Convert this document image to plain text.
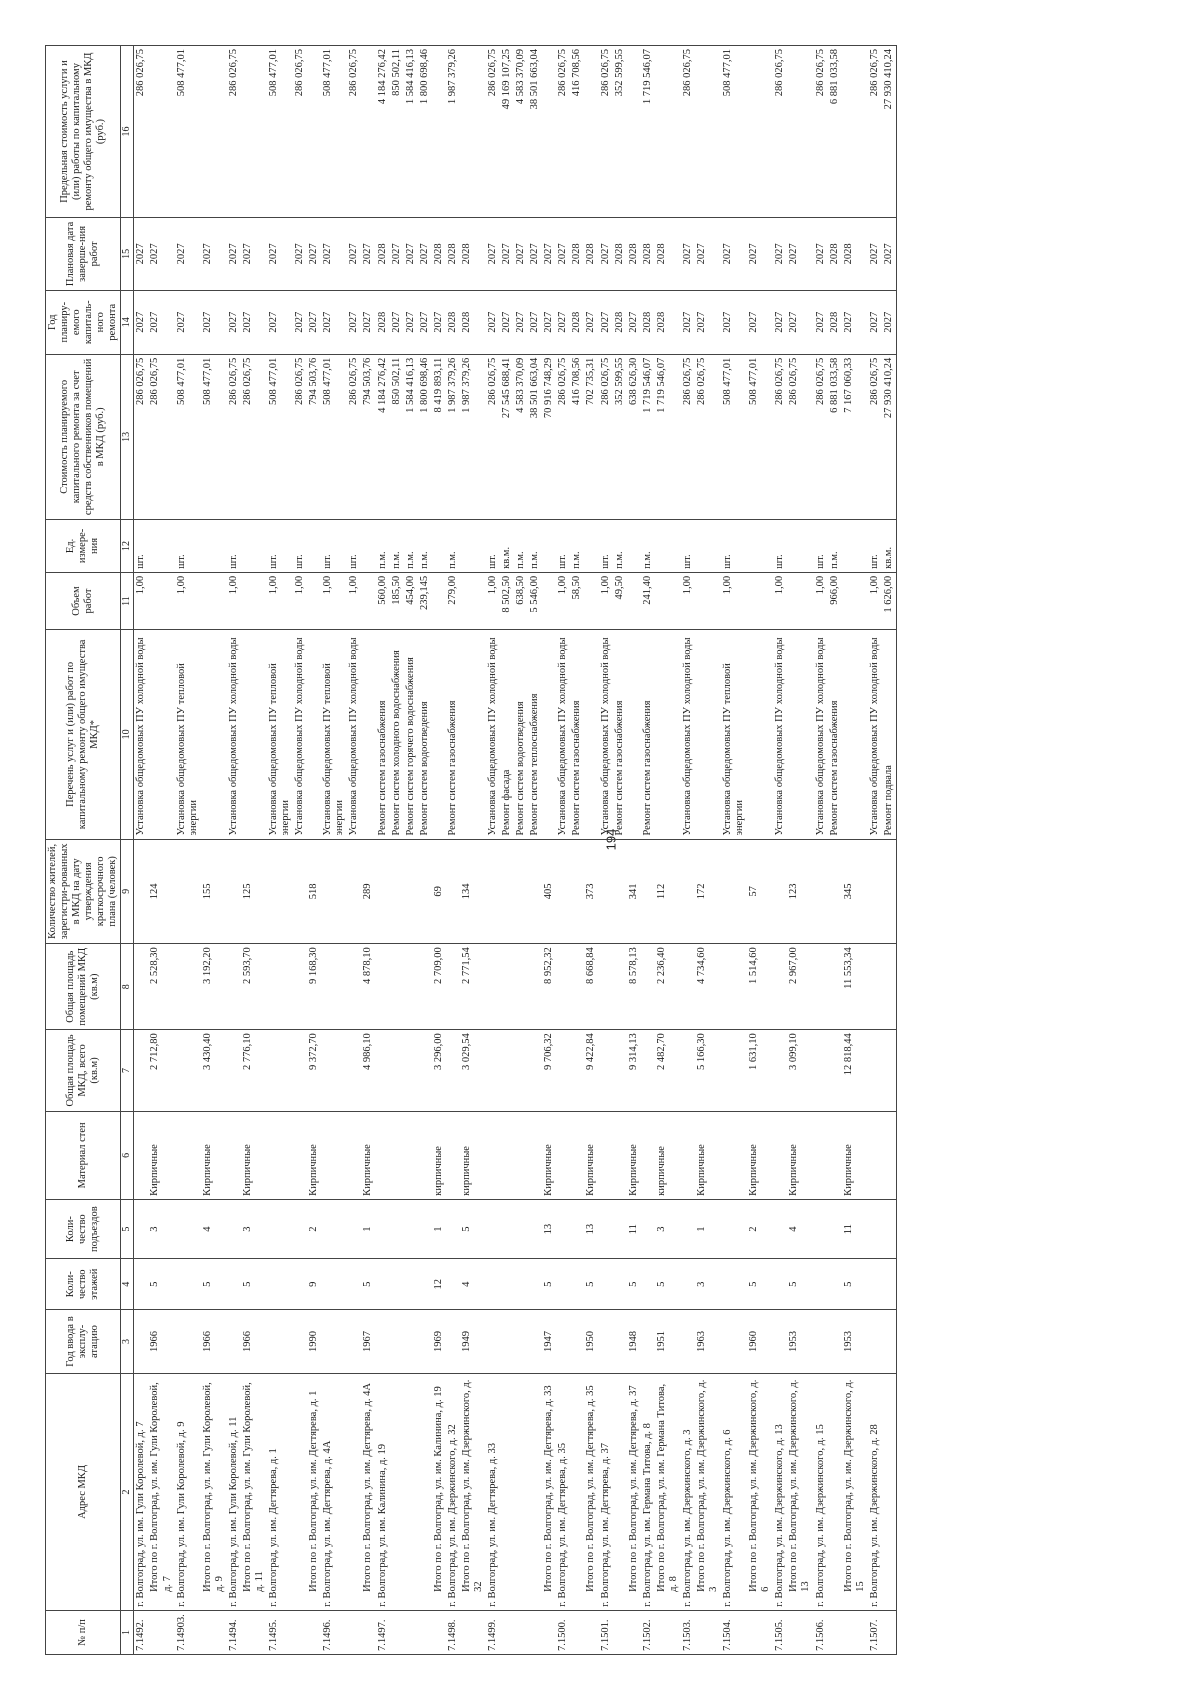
194
№ п/п	Адрес МКД	Год ввода в эксплу-атацию	Коли-чество этажей	Коли-чество подъездов	Материал стен	Общая площадь МКД, всего (кв.м)	Общая площадь помещений МКД (кв.м)	Количество жителей, зарегистри-рованных в МКД на дату утверждения краткосрочного плана (человек)	Перечень услуг и (или) работ по капитальному ремонту общего имущества МКД*	Объем работ	Ед. измере-ния	Стоимость планируемого капитального ремонта за счет средств собственников помещений в МКД (руб.)	Год планиру-емого капиталь-ного ремонта	Плановая дата заверше-ния работ	Предельная стоимость услуги и (или) работы по капитальному ремонту общего имущества в МКД (руб.)
1	2	3	4	5	6	7	8	9	10	11	12	13	14	15	16
7.1492.	г. Волгоград, ул. им. Гули Королевой, д. 7								Установка общедомовых ПУ холодной воды	1,00	шт.	286 026,75	2027	2027	286 026,75
	Итого по г. Волгоград, ул. им. Гули Королевой, д. 7	1966	5	3	Кирпичные	2 712,80	2 528,30	124				286 026,75	2027	2027	
7.14903.	г. Волгоград, ул. им. Гули Королевой, д. 9								Установка общедомовых ПУ тепловой энергии	1,00	шт.	508 477,01	2027	2027	508 477,01
	Итого по г. Волгоград, ул. им. Гули Королевой, д. 9	1966	5	4	Кирпичные	3 430,40	3 192,20	155				508 477,01	2027	2027	
7.1494.	г. Волгоград, ул. им. Гули Королевой, д. 11								Установка общедомовых ПУ холодной воды	1,00	шт.	286 026,75	2027	2027	286 026,75
	Итого по г. Волгоград, ул. им. Гули Королевой, д. 11	1966	5	3	Кирпичные	2 776,10	2 593,70	125				286 026,75	2027	2027	
7.1495.	г. Волгоград, ул. им. Дегтярева, д. 1								Установка общедомовых ПУ тепловой энергии	1,00	шт.	508 477,01	2027	2027	508 477,01
									Установка общедомовых ПУ холодной воды	1,00	шт.	286 026,75	2027	2027	286 026,75
	Итого по г. Волгоград, ул. им. Дегтярева, д. 1	1990	9	2	Кирпичные	9 372,70	9 168,30	518				794 503,76	2027	2027	
7.1496.	г. Волгоград, ул. им. Дегтярева, д. 4А								Установка общедомовых ПУ тепловой энергии	1,00	шт.	508 477,01	2027	2027	508 477,01
									Установка общедомовых ПУ холодной воды	1,00	шт.	286 026,75	2027	2027	286 026,75
	Итого по г. Волгоград, ул. им. Дегтярева, д. 4А	1967	5	1	Кирпичные	4 986,10	4 878,10	289				794 503,76	2027	2027	
7.1497.	г. Волгоград, ул. им. Калинина, д. 19								Ремонт систем газоснабжения	560,00	п.м.	4 184 276,42	2028	2028	4 184 276,42
									Ремонт систем холодного водоснабжения	185,50	п.м.	850 502,11	2027	2027	850 502,11
									Ремонт систем горячего водоснабжения	454,00	п.м.	1 584 416,13	2027	2027	1 584 416,13
									Ремонт систем водоотведения	239,145	п.м.	1 800 698,46	2027	2027	1 800 698,46
	Итого по г. Волгоград, ул. им. Калинина, д. 19	1969	12	1	кирпичные	3 296,00	2 709,00	69				8 419 893,11	2027	2028	
7.1498.	г. Волгоград, ул. им. Дзержинского, д. 32								Ремонт систем газоснабжения	279,00	п.м.	1 987 379,26	2028	2028	1 987 379,26
	Итого по г. Волгоград, ул. им. Дзержинского, д. 32	1949	4	5	кирпичные	3 029,54	2 771,54	134				1 987 379,26	2028	2028	
7.1499.	г. Волгоград, ул. им. Дегтярева, д. 33								Установка общедомовых ПУ холодной воды	1,00	шт.	286 026,75	2027	2027	286 026,75
									Ремонт фасада	8 502,50	кв.м.	27 545 688,41	2027	2027	49 169 107,25
									Ремонт систем водоотведения	638,50	п.м.	4 583 370,09	2027	2027	4 583 370,09
									Ремонт систем теплоснабжения	5 546,00	п.м.	38 501 663,04	2027	2027	38 501 663,04
	Итого по г. Волгоград, ул. им. Дегтярева, д. 33	1947	5	13	Кирпичные	9 706,32	8 952,32	405				70 916 748,29	2027	2027	
7.1500.	г. Волгоград, ул. им. Дегтярева, д. 35								Установка общедомовых ПУ холодной воды	1,00	шт.	286 026,75	2027	2027	286 026,75
									Ремонт систем газоснабжения	58,50	п.м.	416 708,56	2028	2028	416 708,56
	Итого по г. Волгоград, ул. им. Дегтярева, д. 35	1950	5	13	Кирпичные	9 422,84	8 668,84	373				702 735,31	2027	2028	
7.1501.	г. Волгоград, ул. им. Дегтярева, д. 37								Установка общедомовых ПУ холодной воды	1,00	шт.	286 026,75	2027	2027	286 026,75
									Ремонт систем газоснабжения	49,50	п.м.	352 599,55	2028	2028	352 599,55
	Итого по г. Волгоград, ул. им. Дегтярева, д. 37	1948	5	11	Кирпичные	9 314,13	8 578,13	341				638 626,30	2027	2028	
7.1502.	г. Волгоград, ул. им. Германа Титова, д. 8								Ремонт систем газоснабжения	241,40	п.м.	1 719 546,07	2028	2028	1 719 546,07
	Итого по г. Волгоград, ул. им. Германа Титова, д. 8	1951	5	3	кирпичные	2 482,70	2 236,40	112				1 719 546,07	2028	2028	
7.1503.	г. Волгоград, ул. им. Дзержинского, д. 3								Установка общедомовых ПУ холодной воды	1,00	шт.	286 026,75	2027	2027	286 026,75
	Итого по г. Волгоград, ул. им. Дзержинского, д. 3	1963	3	1	Кирпичные	5 166,30	4 734,60	172				286 026,75	2027	2027	
7.1504.	г. Волгоград, ул. им. Дзержинского, д. 6								Установка общедомовых ПУ тепловой энергии	1,00	шт.	508 477,01	2027	2027	508 477,01
	Итого по г. Волгоград, ул. им. Дзержинского, д. 6	1960	5	2	Кирпичные	1 631,10	1 514,60	57				508 477,01	2027	2027	
7.1505.	г. Волгоград, ул. им. Дзержинского, д. 13								Установка общедомовых ПУ холодной воды	1,00	шт.	286 026,75	2027	2027	286 026,75
	Итого по г. Волгоград, ул. им. Дзержинского, д. 13	1953	5	4	Кирпичные	3 099,10	2 967,00	123				286 026,75	2027	2027	
7.1506.	г. Волгоград, ул. им. Дзержинского, д. 15								Установка общедомовых ПУ холодной воды	1,00	шт.	286 026,75	2027	2027	286 026,75
									Ремонт систем газоснабжения	966,00	п.м.	6 881 033,58	2028	2028	6 881 033,58
	Итого по г. Волгоград, ул. им. Дзержинского, д. 15	1953	5	11	Кирпичные	12 818,44	11 553,34	345				7 167 060,33	2027	2028	
7.1507.	г. Волгоград, ул. им. Дзержинского, д. 28								Установка общедомовых ПУ холодной воды	1,00	шт.	286 026,75	2027	2027	286 026,75
									Ремонт подвала	1 626,00	кв.м.	27 930 410,24	2027	2027	27 930 410,24
